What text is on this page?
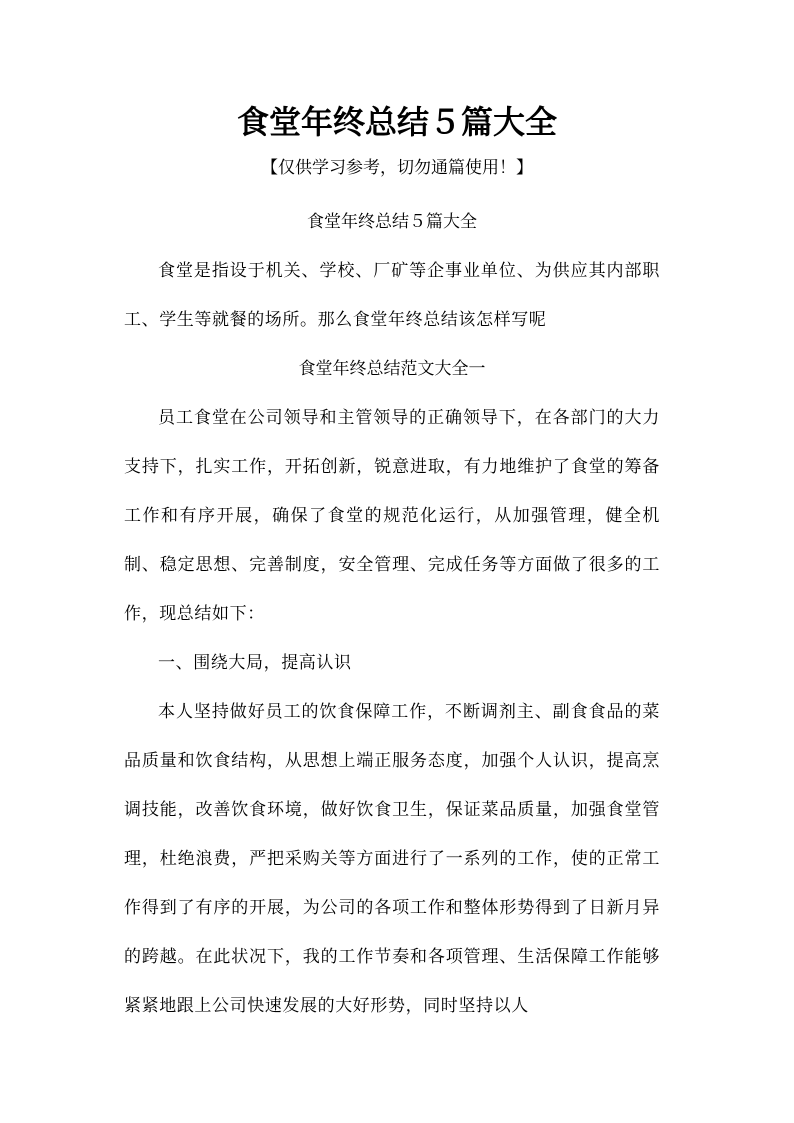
食堂年终总结５篇大全
【仅供学习参考，切勿通篇使用！】

食堂年终总结５篇大全

食堂是指设于机关、学校、厂矿等企事业单位、为供应其内部职工、学生等就餐的场所。那么食堂年终总结该怎样写呢

食堂年终总结范文大全一

员工食堂在公司领导和主管领导的正确领导下，在各部门的大力支持下，扎实工作，开拓创新，锐意进取，有力地维护了食堂的筹备工作和有序开展，确保了食堂的规范化运行，从加强管理，健全机制、稳定思想、完善制度，安全管理、完成任务等方面做了很多的工作，现总结如下：

一、围绕大局，提高认识

本人坚持做好员工的饮食保障工作，不断调剂主、副食食品的菜品质量和饮食结构，从思想上端正服务态度，加强个人认识，提高烹调技能，改善饮食环境，做好饮食卫生，保证菜品质量，加强食堂管理，杜绝浪费，严把采购关等方面进行了一系列的工作，使的正常工作得到了有序的开展，为公司的各项工作和整体形势得到了日新月异的跨越。在此状况下，我的工作节奏和各项管理、生活保障工作能够紧紧地跟上公司快速发展的大好形势，同时坚持以人
